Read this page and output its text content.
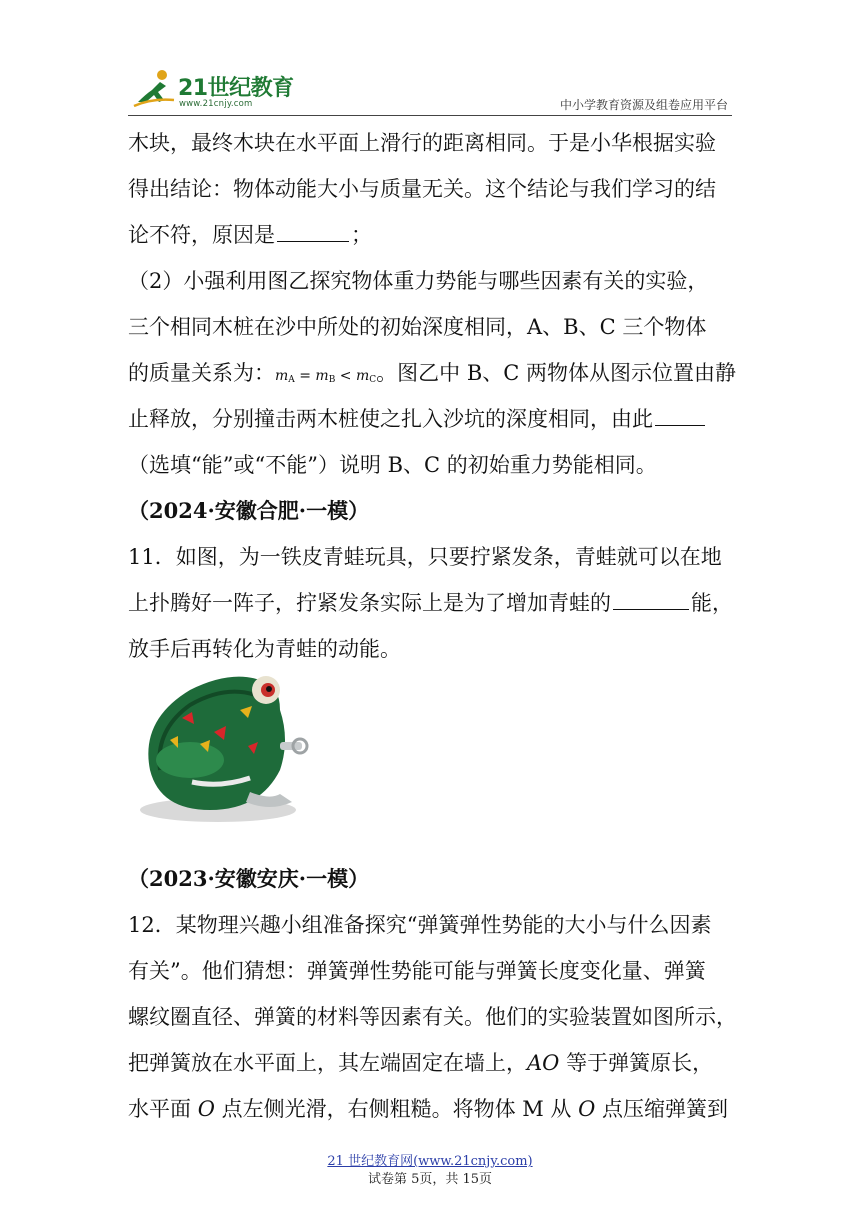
21世纪教育
www.21cnjy.com	中小学教育资源及组卷应用平台
木块，最终木块在水平面上滑行的距离相同。于是小华根据实验
得出结论：物体动能大小与质量无关。这个结论与我们学习的结
论不符，原因是	；
（2）小强利用图乙探究物体重力势能与哪些因素有关的实验，
三个相同木桩在沙中所处的初始深度相同，A、B、C 三个物体
的质量关系为：$m_A = m_B < m_C$。图乙中 B、C 两物体从图示位置由静
止释放，分别撞击两木桩使之扎入沙坑的深度相同，由此
（选填“能”或“不能”）说明 B、C 的初始重力势能相同。
（2024·安徽合肥·一模）
11．如图，为一铁皮青蛙玩具，只要拧紧发条，青蛙就可以在地
上扑腾好一阵子，拧紧发条实际上是为了增加青蛙的	能，
放手后再转化为青蛙的动能。
（2023·安徽安庆·一模）
12．某物理兴趣小组准备探究“弹簧弹性势能的大小与什么因素
有关”。他们猜想：弹簧弹性势能可能与弹簧长度变化量、弹簧
螺纹圈直径、弹簧的材料等因素有关。他们的实验装置如图所示，
把弹簧放在水平面上，其左端固定在墙上，AO 等于弹簧原长，
水平面 O 点左侧光滑，右侧粗糙。将物体 M 从 O 点压缩弹簧到
21 世纪教育网(www.21cnjy.com)
试卷第 5页，共 15页
